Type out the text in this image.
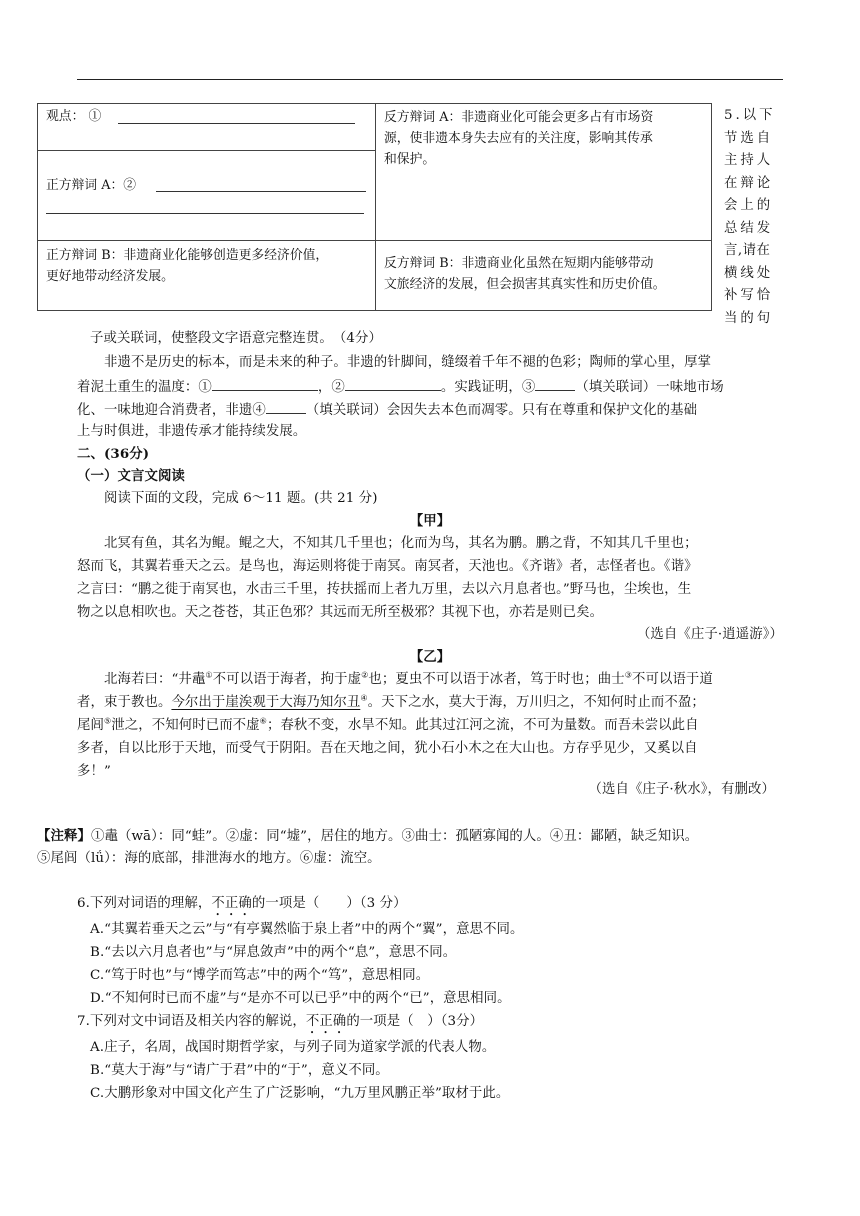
观点： ①
正方辩词 A：②
反方辩词 A：非遗商业化可能会更多占有市场资
源，使非遗本身失去应有的关注度，影响其传承
和保护。
正方辩词 B：非遗商业化能够创造更多经济价值，
更好地带动经济发展。
反方辩词 B：非遗商业化虽然在短期内能够带动
文旅经济的发展，但会损害其真实性和历史价值。
5.以下
节选自
主持人
在辩论
会上的
总结发
言,请在
横线处
补写恰
当的句
子或关联词，使整段文字语意完整连贯。　（4分）
非遗不是历史的标本，而是未来的种子。非遗的针脚间，缝缀着千年不褪的色彩；陶师的掌心里，厚掌
着泥土重生的温度：①	，②	。实践证明，③	（填关联词）一味地市场
化、一味地迎合消费者，非遗④	（填关联词）会因失去本色而凋零。只有在尊重和保护文化的基础
上与时俱进，非遗传承才能持续发展。
二、(36分)
（一）文言文阅读
阅读下面的文段，完成 6～11 题。(共 21 分)
【甲】
北冥有鱼，其名为鲲。鲲之大，不知其几千里也；化而为鸟，其名为鹏。鹏之背，不知其几千里也；
怒而飞，其翼若垂天之云。是鸟也，海运则将徙于南冥。南冥者，天池也。《齐谐》者，志怪者也。《谐》
之言曰：“鹏之徙于南冥也，水击三千里，抟扶摇而上者九万里，去以六月息者也。”野马也，尘埃也，生
物之以息相吹也。天之苍苍，其正色邪？其远而无所至极邪？其视下也，亦若是则已矣。
（选自《庄子·逍遥游》）
【乙】
北海若曰：“井鼃①不可以语于海者，拘于虚②也；夏虫不可以语于冰者，笃于时也；曲士③不可以语于道
者，束于教也。今尔出于崖涘观于大海乃知尔丑④。天下之水，莫大于海，万川归之，不知何时止而不盈；
尾闾⑤泄之，不知何时已而不虚⑥；春秋不变，水旱不知。此其过江河之流，不可为量数。而吾未尝以此自
多者，自以比形于天地，而受气于阴阳。吾在天地之间，犹小石小木之在大山也。方存乎见少，又奚以自
多！”
（选自《庄子·秋水》，有删改）
【注释】①鼃（wā）：同“蛙”。②虚：同“墟”，居住的地方。③曲士：孤陋寡闻的人。④丑：鄙陋，缺乏知识。
⑤尾闾（lǘ）：海的底部，排泄海水的地方。⑥虚：流空。
6.下列对词语的理解，不正确的一项是（　　）（3 分）
A.“其翼若垂天之云”与“有亭翼然临于泉上者”中的两个“翼”，意思不同。
B.“去以六月息者也”与“屏息敛声”中的两个“息”，意思不同。
C.“笃于时也”与“博学而笃志”中的两个“笃”，意思相同。
D.“不知何时已而不虚”与“是亦不可以已乎”中的两个“已”，意思相同。
7.下列对文中词语及相关内容的解说，不正确的一项是（　）（3分）
A.庄子，名周，战国时期哲学家，与列子同为道家学派的代表人物。
B.“莫大于海”与“请广于君”中的“于”，意义不同。
C.大鹏形象对中国文化产生了广泛影响，“九万里风鹏正举”取材于此。
